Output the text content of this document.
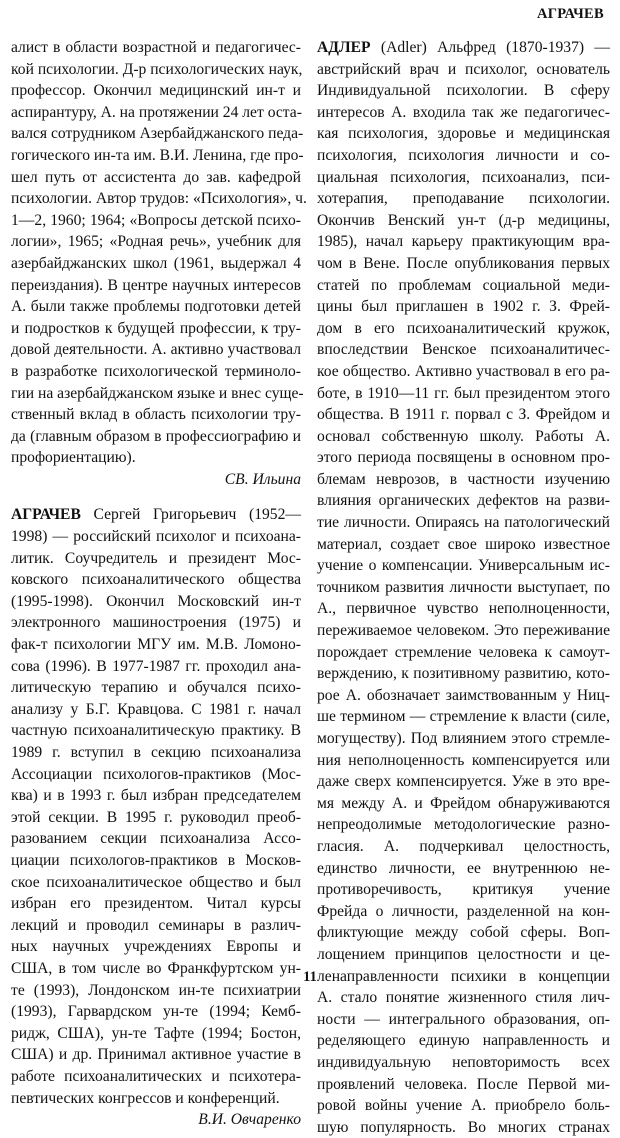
АГРАЧЕВ
алист в области возрастной и педагогичес-
кой психологии. Д-р психологических наук,
профессор. Окончил медицинский ин-т и
аспирантуру, А. на протяжении 24 лет оста-
вался сотрудником Азербайджанского педа-
гогического ин-та им. В.И. Ленина, где про-
шел путь от ассистента до зав. кафедрой
психологии. Автор трудов: «Психология», ч.
1—2, 1960; 1964; «Вопросы детской психо-
логии», 1965; «Родная речь», учебник для
азербайджанских школ (1961, выдержал 4
переиздания). В центре научных интересов
А. были также проблемы подготовки детей
и подростков к будущей профессии, к тру-
довой деятельности. А. активно участвовал
в разработке психологической терминоло-
гии на азербайджанском языке и внес суще-
ственный вклад в область психологии тру-
да (главным образом в профессиографию и
профориентацию).
СВ. Ильина
АГРАЧЕВ Сергей Григорьевич (1952—
1998) — российский психолог и психоана-
литик. Соучредитель и президент Мос-
ковского психоаналитического общества
(1995-1998). Окончил Московский ин-т
электронного машиностроения (1975) и
фак-т психологии МГУ им. М.В. Ломоно-
сова (1996). В 1977-1987 гг. проходил ана-
литическую терапию и обучался психо-
анализу у Б.Г. Кравцова. С 1981 г. начал
частную психоаналитическую практику. В
1989 г. вступил в секцию психоанализа
Ассоциации психологов-практиков (Мос-
ква) и в 1993 г. был избран председателем
этой секции. В 1995 г. руководил преоб-
разованием секции психоанализа Ассо-
циации психологов-практиков в Москов-
ское психоаналитическое общество и был
избран его президентом. Читал курсы
лекций и проводил семинары в различ-
ных научных учреждениях Европы и
США, в том числе во Франкфуртском ун-
те (1993), Лондонском ин-те психиатрии
(1993), Гарвардском ун-те (1994; Кемб-
ридж, США), ун-те Тафте (1994; Бостон,
США) и др. Принимал активное участие в
работе психоаналитических и психотера-
певтических конгрессов и конференций.
В.И. Овчаренко
АДЛЕР (Adler) Альфред (1870-1937) —
австрийский врач и психолог, основатель
Индивидуальной психологии. В сферу
интересов А. входила так же педагогичес-
кая психология, здоровье и медицинская
психология, психология личности и со-
циальная психология, психоанализ, пси-
хотерапия, преподавание психологии.
Окончив Венский ун-т (д-р медицины,
1985), начал карьеру практикующим вра-
чом в Вене. После опубликования первых
статей по проблемам социальной меди-
цины был приглашен в 1902 г. З. Фрей-
дом в его психоаналитический кружок,
впоследствии Венское психоаналитичес-
кое общество. Активно участвовал в его ра-
боте, в 1910—11 гг. был президентом этого
общества. В 1911 г. порвал с З. Фрейдом и
основал собственную школу. Работы А.
этого периода посвящены в основном про-
блемам неврозов, в частности изучению
влияния органических дефектов на разви-
тие личности. Опираясь на патологический
материал, создает свое широко известное
учение о компенсации. Универсальным ис-
точником развития личности выступает, по
А., первичное чувство неполноценности,
переживаемое человеком. Это переживание
порождает стремление человека к самоут-
верждению, к позитивному развитию, кото-
рое А. обозначает заимствованным у Ниц-
ше термином — стремление к власти (силе,
могуществу). Под влиянием этого стремле-
ния неполноценность компенсируется или
даже сверх компенсируется. Уже в это вре-
мя между А. и Фрейдом обнаруживаются
непреодолимые методологические разно-
гласия. А. подчеркивал целостность,
единство личности, ее внутреннюю не-
противоречивость, критикуя учение
Фрейда о личности, разделенной на кон-
фликтующие между собой сферы. Воп-
лощением принципов целостности и це-
ленаправленности психики в концепции
А. стало понятие жизненного стиля лич-
ности — интегрального образования, оп-
ределяющего единую направленность и
индивидуальную неповторимость всех
проявлений человека. После Первой ми-
ровой войны учение А. приобрело боль-
шую популярность. Во многих странах

11
